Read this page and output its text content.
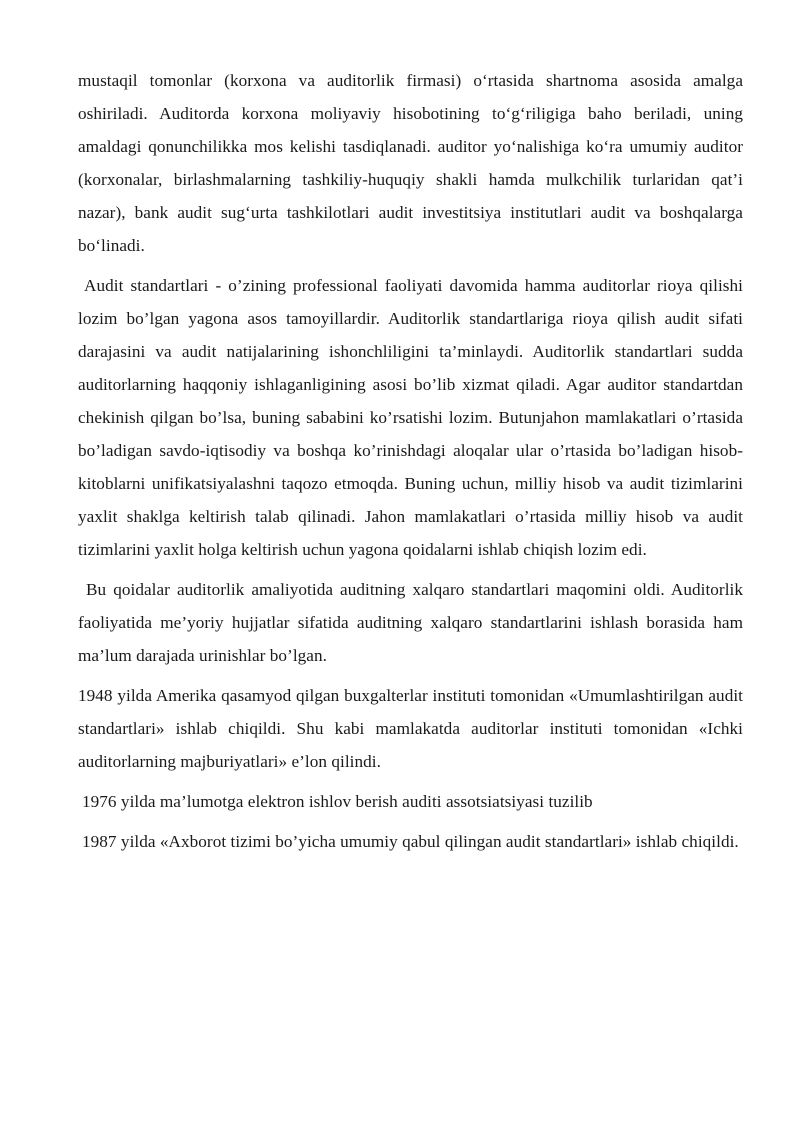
mustaqil tomonlar (korxona va auditorlik firmasi) o‘rtasida shartnoma asosida amalga oshiriladi. Auditorda korxona moliyaviy hisobotining to‘g‘riligiga baho beriladi, uning amaldagi qonunchilikka mos kelishi tasdiqlanadi. auditor yo‘nalishiga ko‘ra umumiy auditor (korxonalar, birlashmalarning tashkiliy-huquqiy shakli hamda mulkchilik turlaridan qat’i nazar), bank audit sug‘urta tashkilotlari audit investitsiya institutlari audit va boshqalarga bo‘linadi.

Audit standartlari - o’zining professional faoliyati davomida hamma auditorlar rioya qilishi lozim bo’lgan yagona asos tamoyillardir. Auditorlik standartlariga rioya qilish audit sifati darajasini va audit natijalarining ishonchliligini ta’minlaydi. Auditorlik standartlari sudda auditorlarning haqqoniy ishlaganligining asosi bo’lib xizmat qiladi. Agar auditor standartdan chekinish qilgan bo’lsa, buning sababini ko’rsatishi lozim. Butunjahon mamlakatlari o’rtasida bo’ladigan savdo-iqtisodiy va boshqa ko’rinishdagi aloqalar ular o’rtasida bo’ladigan hisob-kitoblarni unifikatsiyalashni taqozo etmoqda. Buning uchun, milliy hisob va audit tizimlarini yaxlit shaklga keltirish talab qilinadi. Jahon mamlakatlari o’rtasida milliy hisob va audit tizimlarini yaxlit holga keltirish uchun yagona qoidalarni ishlab chiqish lozim edi.

Bu qoidalar auditorlik amaliyotida auditning xalqaro standartlari maqomini oldi. Auditorlik faoliyatida me’yoriy hujjatlar sifatida auditning xalqaro standartlarini ishlash borasida ham ma’lum darajada urinishlar bo’lgan.

1948 yilda Amerika qasamyod qilgan buxgalterlar instituti tomonidan «Umumlashtirilgan audit standartlari» ishlab chiqildi. Shu kabi mamlakatda auditorlar instituti tomonidan «Ichki auditorlarning majburiyatlari» e’lon qilindi.

1976 yilda ma’lumotga elektron ishlov berish auditi assotsiatsiyasi tuzilib

1987 yilda «Axborot tizimi bo’yicha umumiy qabul qilingan audit standartlari» ishlab chiqildi.
